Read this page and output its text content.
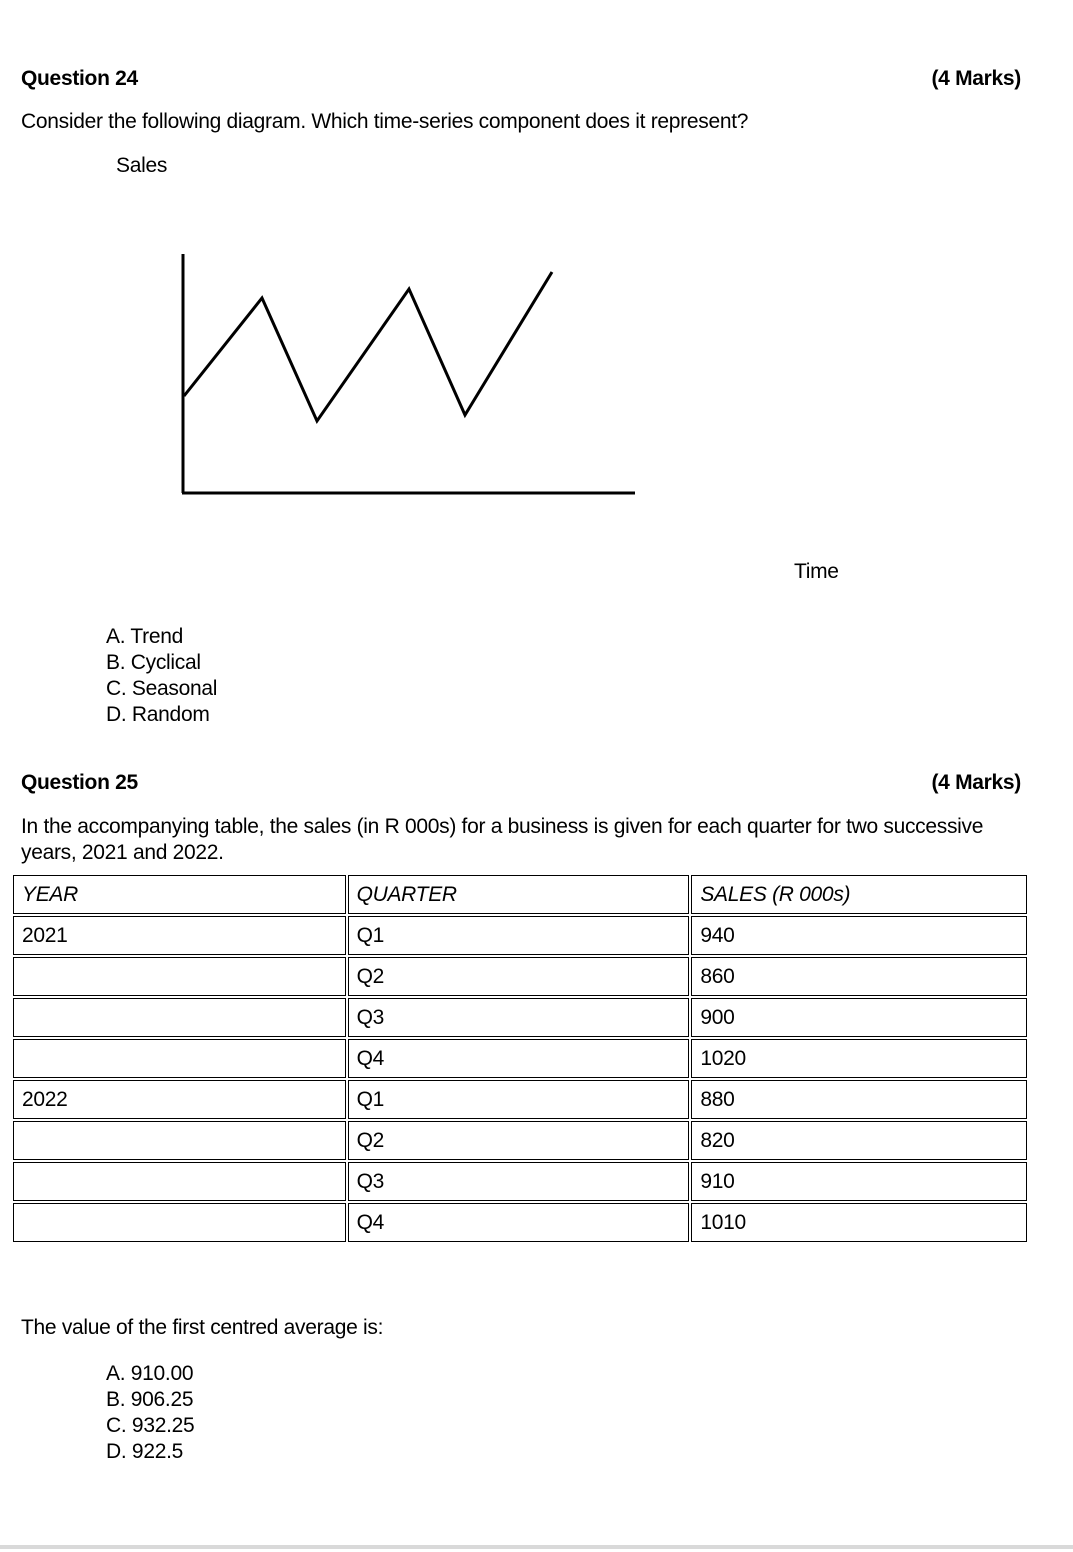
Question 24	(4 Marks)
Consider the following diagram. Which time-series component does it represent?
Sales
Time
A. Trend
B. Cyclical
C. Seasonal
D. Random
Question 25	(4 Marks)
In the accompanying table, the sales (in R 000s) for a business is given for each quarter for two successive
years, 2021 and 2022.
YEAR	QUARTER	SALES (R 000s)
2021	Q1	940
	Q2	860
	Q3	900
	Q4	1020
2022	Q1	880
	Q2	820
	Q3	910
	Q4	1010
The value of the first centred average is:
A. 910.00
B. 906.25
C. 932.25
D. 922.5
